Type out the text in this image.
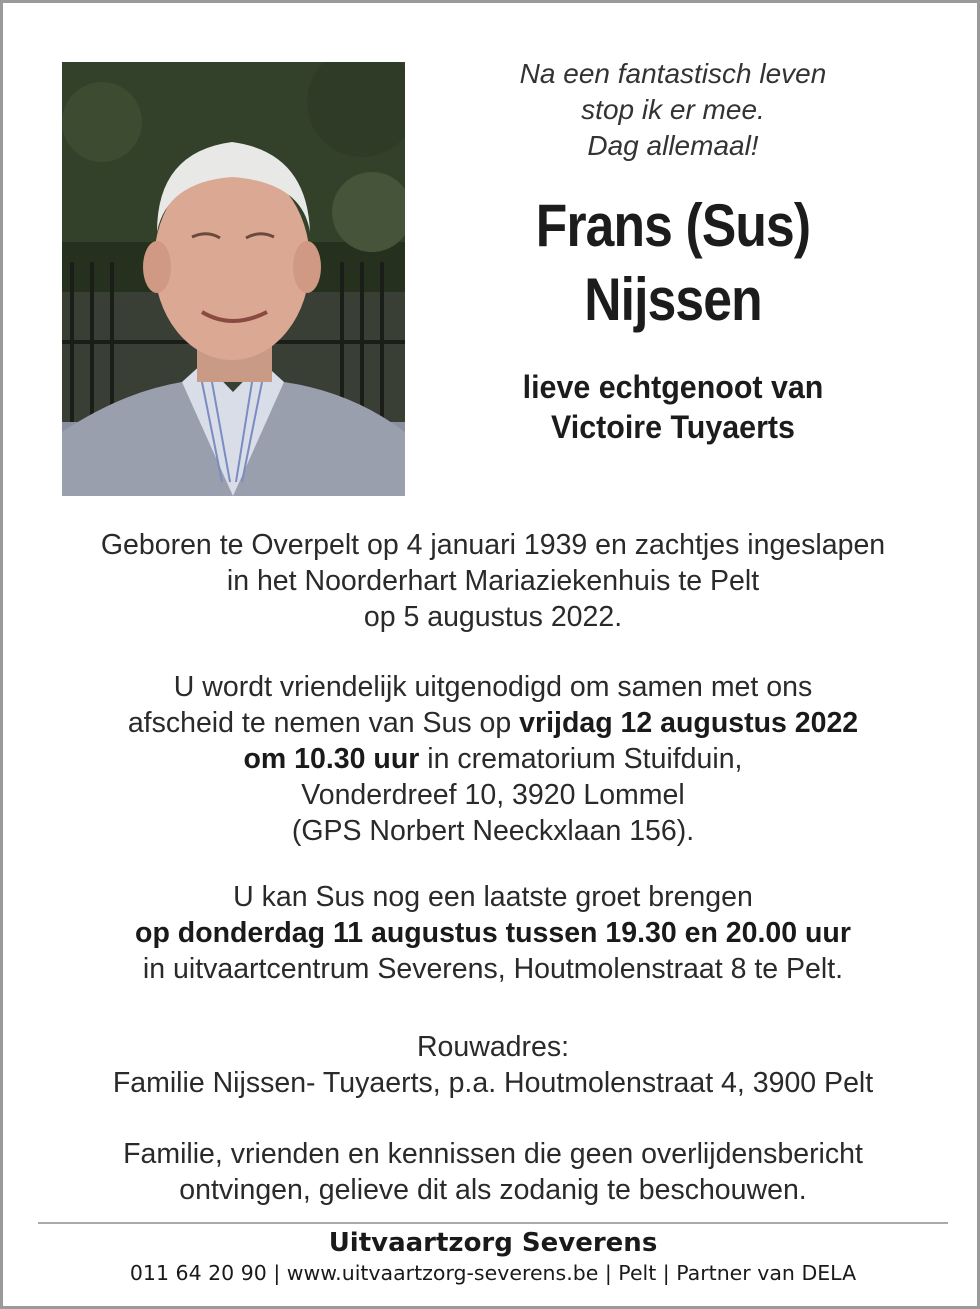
Na een fantastisch leven
stop ik er mee.
Dag allemaal!
Frans (Sus)
Nijssen
lieve echtgenoot van
Victoire Tuyaerts
Geboren te Overpelt op 4 januari 1939 en zachtjes ingeslapen
in het Noorderhart Mariaziekenhuis te Pelt
op 5 augustus 2022.
U wordt vriendelijk uitgenodigd om samen met ons
afscheid te nemen van Sus op vrijdag 12 augustus 2022
om 10.30 uur in crematorium Stuifduin,
Vonderdreef 10, 3920 Lommel
(GPS Norbert Neeckxlaan 156).
U kan Sus nog een laatste groet brengen
op donderdag 11 augustus tussen 19.30 en 20.00 uur
in uitvaartcentrum Severens, Houtmolenstraat 8 te Pelt.
Rouwadres:
Familie Nijssen- Tuyaerts, p.a. Houtmolenstraat 4, 3900 Pelt
Familie, vrienden en kennissen die geen overlijdensbericht
ontvingen, gelieve dit als zodanig te beschouwen.
Uitvaartzorg Severens
011 64 20 90 | www.uitvaartzorg-severens.be | Pelt | Partner van DELA
